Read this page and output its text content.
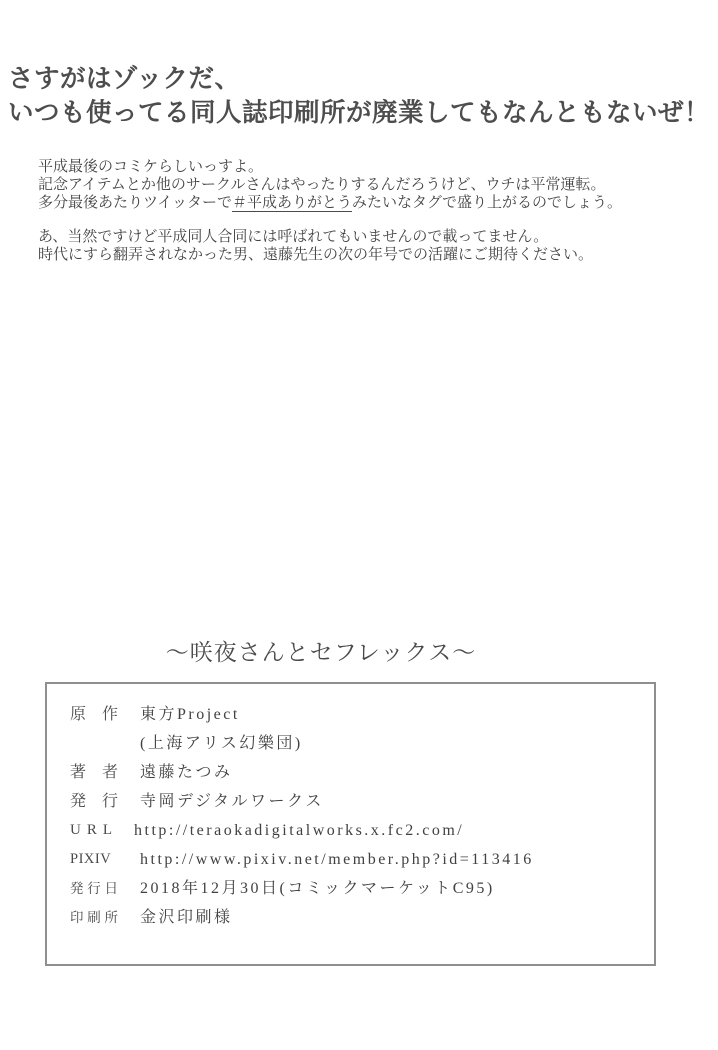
さすがはゾックだ、
いつも使ってる同人誌印刷所が廃業してもなんともないぜ！
平成最後のコミケらしいっすよ。
記念アイテムとか他のサークルさんはやったりするんだろうけど、ウチは平常運転。
多分最後あたりツイッターで＃平成ありがとうみたいなタグで盛り上がるのでしょう。
あ、当然ですけど平成同人合同には呼ばれてもいませんので載ってません。
時代にすら翻弄されなかった男、遠藤先生の次の年号での活躍にご期待ください。
～咲夜さんとセフレックス～
原作 東方Project
(上海アリス幻樂団)
著者 遠藤たつみ
発行 寺岡デジタルワークス
URL http://teraokadigitalworks.x.fc2.com/
PIXIV	http://www.pixiv.net/member.php?id=113416
発行日 2018年12月30日(コミックマーケットC95)
印刷所 金沢印刷様
